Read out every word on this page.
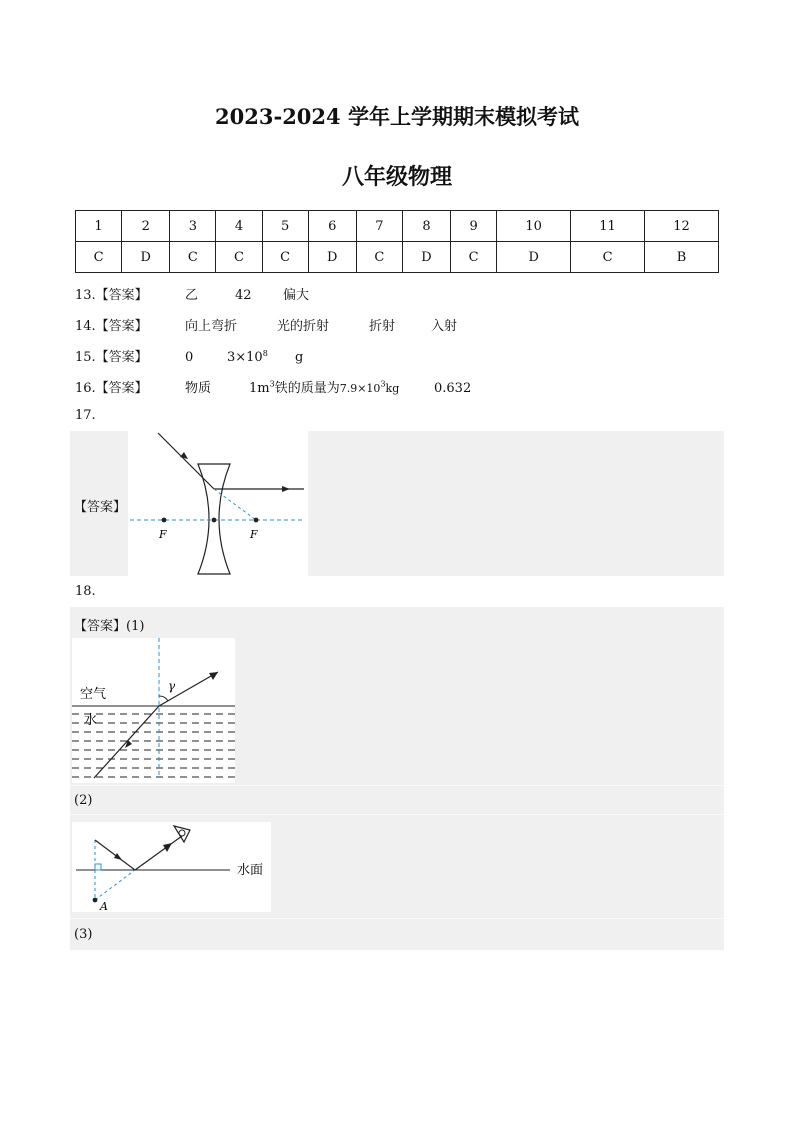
2023-2024 学年上学期期末模拟考试
八年级物理
1	2	3	4	5	6	7	8	9	10	11	12
C	D	C	C	C	D	C	D	C	D	C	B
13.【答案】	乙	42 偏大
14.【答案】	向上弯折	光的折射	折射	入射
15.【答案】	0	$3\times 10^8$ g
16.【答案】	物质	$1m^3$铁的质量为$7.9\times 10^3kg$	0.632
17.
【答案】
F	F
18.
【答案】(1)
空气
水
γ
(2)
A
水面
(3)
